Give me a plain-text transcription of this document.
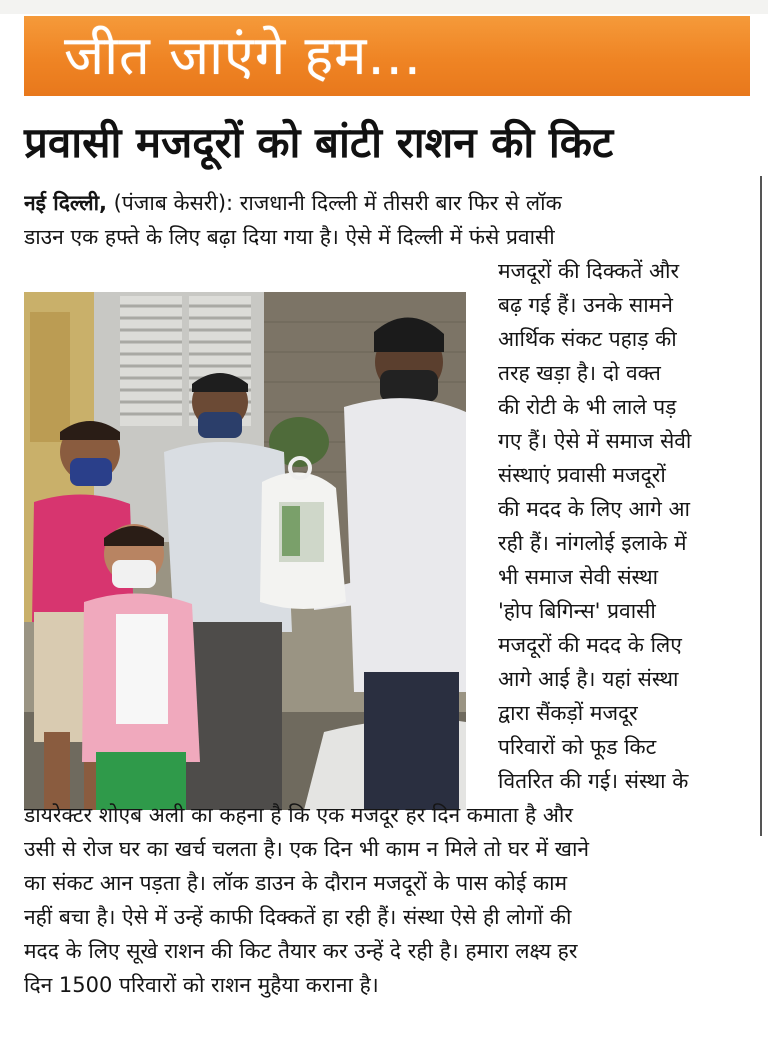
जीत जाएंगे हम...
प्रवासी मजदूरों को बांटी राशन की किट
नई दिल्ली, (पंजाब केसरी): राजधानी दिल्ली में तीसरी बार फिर से लॉक
डाउन एक हफ्ते के लिए बढ़ा दिया गया है। ऐसे में दिल्ली में फंसे प्रवासी
मजदूरों की दिक्कतें और
बढ़ गई हैं। उनके सामने
आर्थिक संकट पहाड़ की
तरह खड़ा है। दो वक्त
की रोटी के भी लाले पड़
गए हैं। ऐसे में समाज सेवी
संस्थाएं प्रवासी मजदूरों
की मदद के लिए आगे आ
रही हैं। नांगलोई इलाके में
भी समाज सेवी संस्था
'होप बिगिन्स' प्रवासी
मजदूरों की मदद के लिए
आगे आई है। यहां संस्था
द्वारा सैंकड़ों मजदूर
परिवारों को फूड किट
वितरित की गई। संस्था के
डायरेक्टर शोएब अली का कहना है कि एक मजदूर हर दिन कमाता है और
उसी से रोज घर का खर्च चलता है। एक दिन भी काम न मिले तो घर में खाने
का संकट आन पड़ता है। लॉक डाउन के दौरान मजदूरों के पास कोई काम
नहीं बचा है। ऐसे में उन्हें काफी दिक्कतें हा रही हैं। संस्था ऐसे ही लोगों की
मदद के लिए सूखे राशन की किट तैयार कर उन्हें दे रही है। हमारा लक्ष्य हर
दिन 1500 परिवारों को राशन मुहैया कराना है।
